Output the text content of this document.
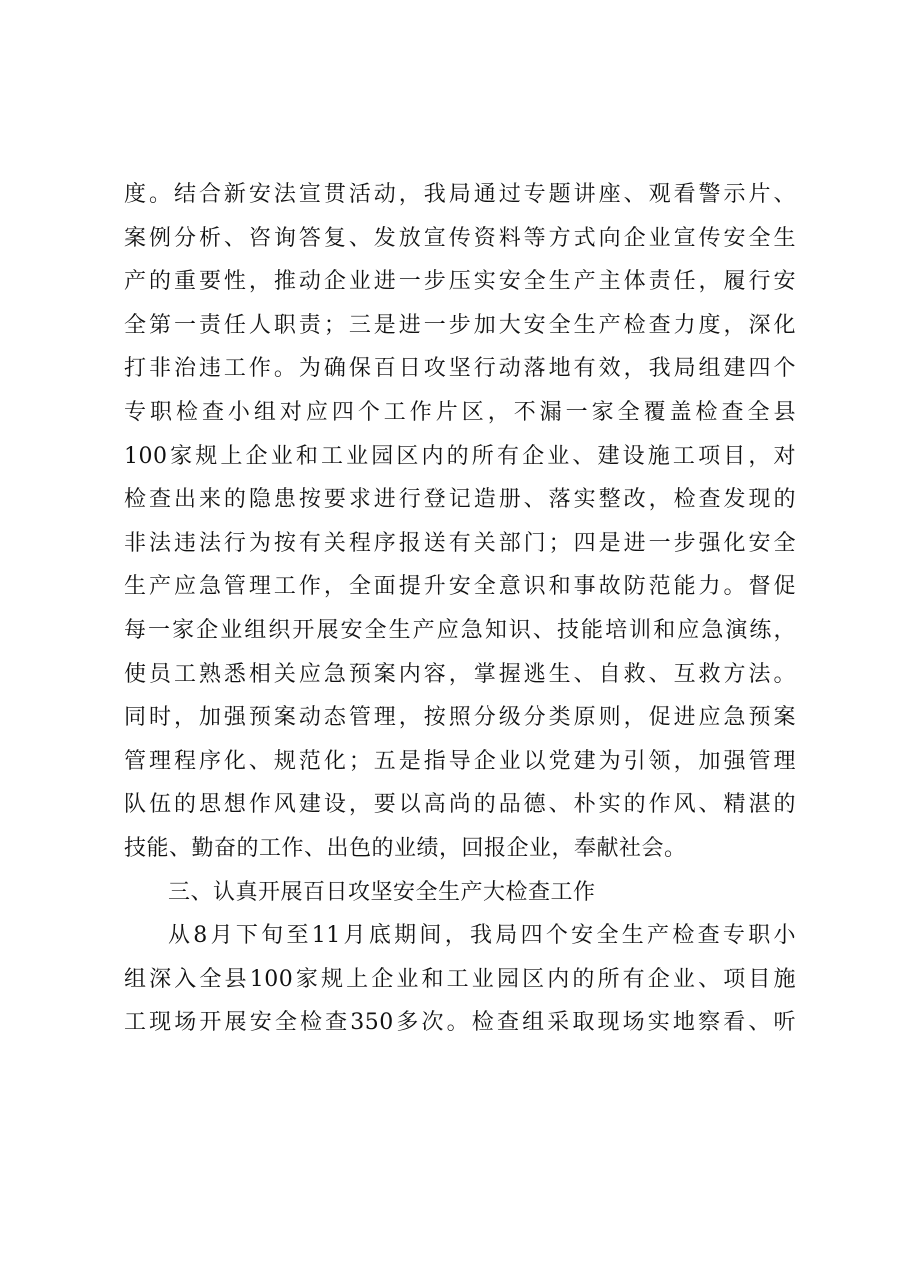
度。结合新安法宣贯活动，我局通过专题讲座、观看警示片、
案例分析、咨询答复、发放宣传资料等方式向企业宣传安全生
产的重要性，推动企业进一步压实安全生产主体责任，履行安
全第一责任人职责；三是进一步加大安全生产检查力度，深化
打非治违工作。为确保百日攻坚行动落地有效，我局组建四个
专职检查小组对应四个工作片区，不漏一家全覆盖检查全县
100家规上企业和工业园区内的所有企业、建设施工项目，对
检查出来的隐患按要求进行登记造册、落实整改，检查发现的
非法违法行为按有关程序报送有关部门；四是进一步强化安全
生产应急管理工作，全面提升安全意识和事故防范能力。督促
每一家企业组织开展安全生产应急知识、技能培训和应急演练，
使员工熟悉相关应急预案内容，掌握逃生、自救、互救方法。
同时，加强预案动态管理，按照分级分类原则，促进应急预案
管理程序化、规范化；五是指导企业以党建为引领，加强管理
队伍的思想作风建设，要以高尚的品德、朴实的作风、精湛的
技能、勤奋的工作、出色的业绩，回报企业，奉献社会。
三、认真开展百日攻坚安全生产大检查工作
从8月下旬至11月底期间，我局四个安全生产检查专职小
组深入全县100家规上企业和工业园区内的所有企业、项目施
工现场开展安全检查350多次。检查组采取现场实地察看、听
